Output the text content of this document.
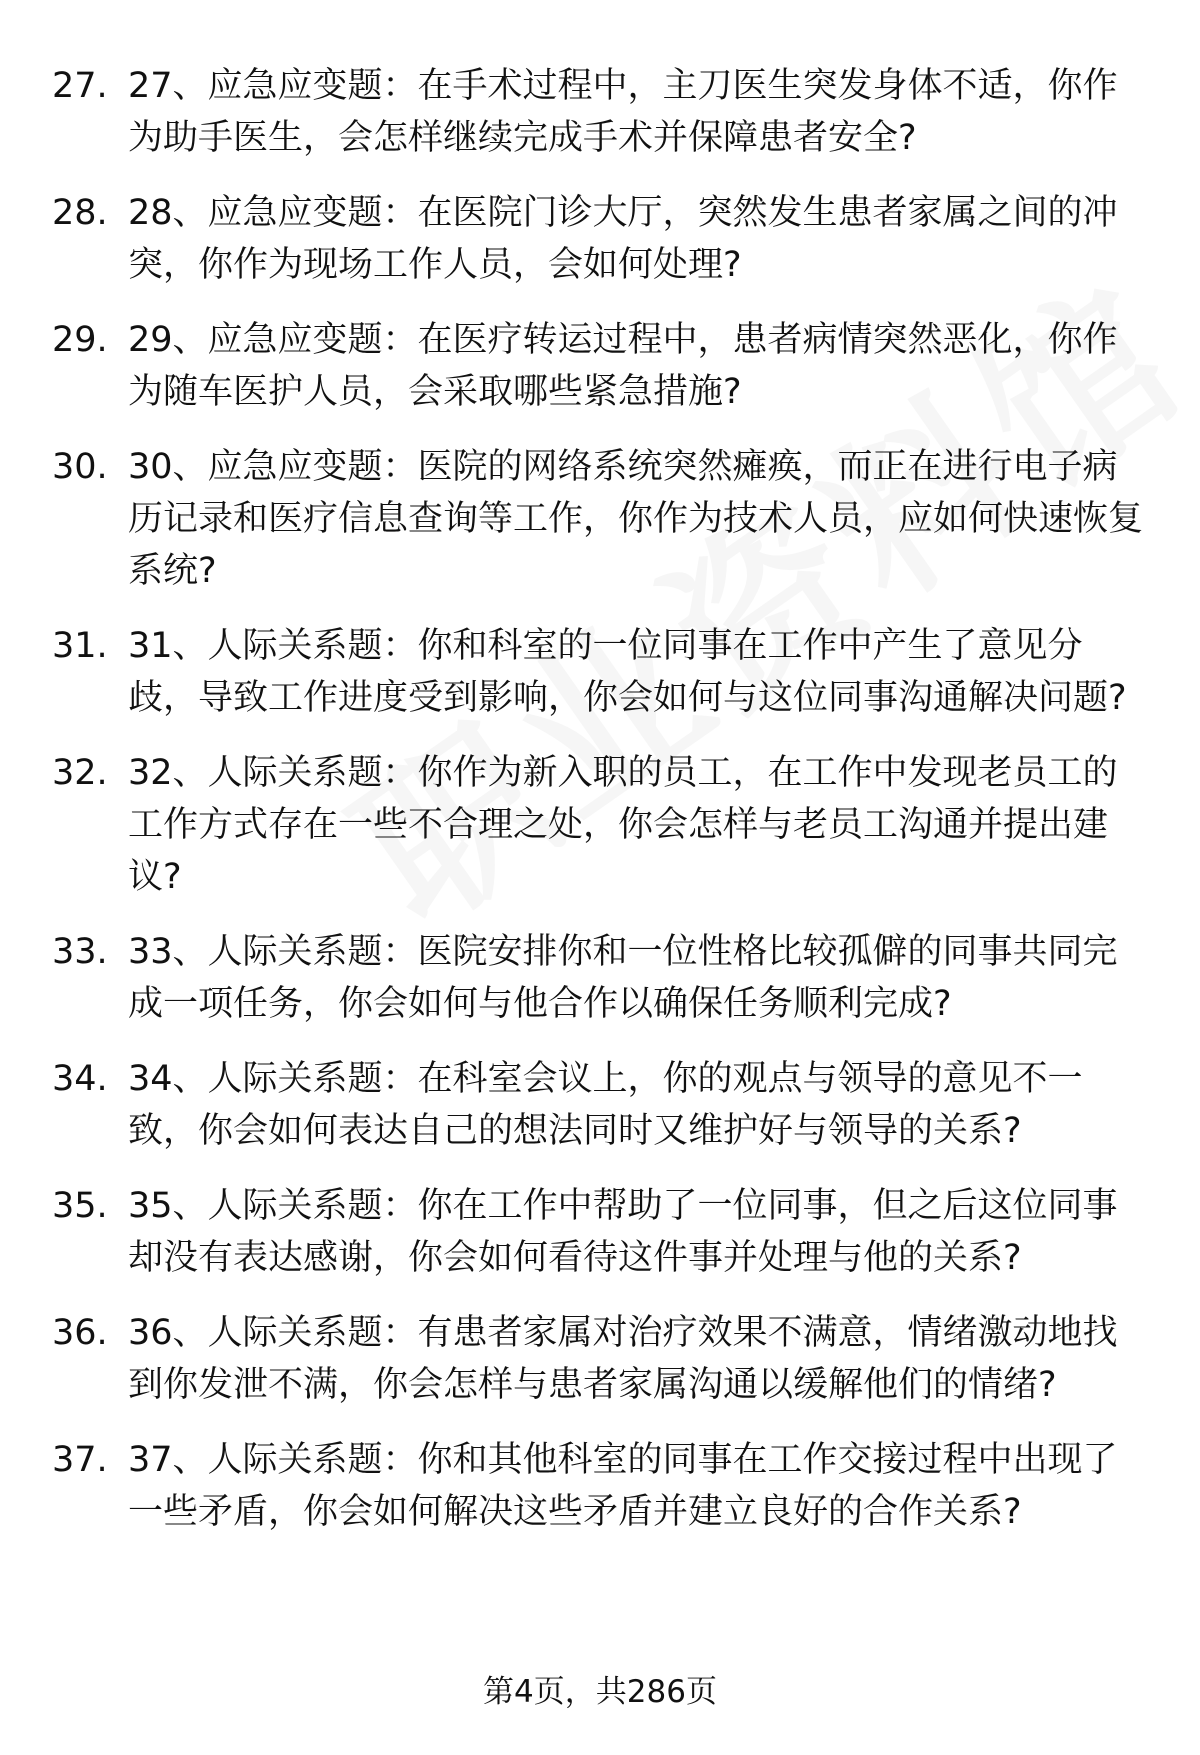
27. 27、应急应变题：在手术过程中，主刀医生突发身体不适，你作为助手医生，会怎样继续完成手术并保障患者安全?
28. 28、应急应变题：在医院门诊大厅，突然发生患者家属之间的冲突，你作为现场工作人员，会如何处理?
29. 29、应急应变题：在医疗转运过程中，患者病情突然恶化，你作为随车医护人员，会采取哪些紧急措施?
30. 30、应急应变题：医院的网络系统突然瘫痪，而正在进行电子病历记录和医疗信息查询等工作，你作为技术人员，应如何快速恢复系统?
31. 31、人际关系题：你和科室的一位同事在工作中产生了意见分歧，导致工作进度受到影响，你会如何与这位同事沟通解决问题?
32. 32、人际关系题：你作为新入职的员工，在工作中发现老员工的工作方式存在一些不合理之处，你会怎样与老员工沟通并提出建议?
33. 33、人际关系题：医院安排你和一位性格比较孤僻的同事共同完成一项任务，你会如何与他合作以确保任务顺利完成?
34. 34、人际关系题：在科室会议上，你的观点与领导的意见不一致，你会如何表达自己的想法同时又维护好与领导的关系?
35. 35、人际关系题：你在工作中帮助了一位同事，但之后这位同事却没有表达感谢，你会如何看待这件事并处理与他的关系?
36. 36、人际关系题：有患者家属对治疗效果不满意，情绪激动地找到你发泄不满，你会怎样与患者家属沟通以缓解他们的情绪?
37. 37、人际关系题：你和其他科室的同事在工作交接过程中出现了一些矛盾，你会如何解决这些矛盾并建立良好的合作关系?
第4页，共286页
